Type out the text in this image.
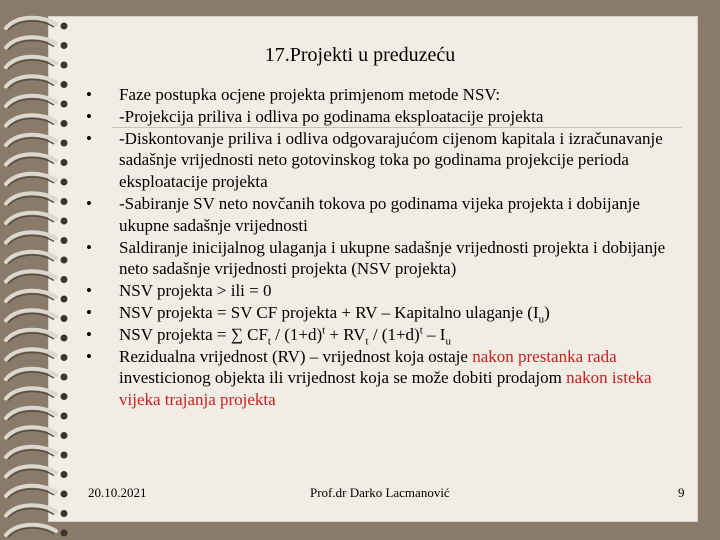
17.Projekti u preduzeću
• Faze postupka ocjene projekta primjenom metode NSV:
• -Projekcija priliva i odliva po godinama eksploatacije projekta
• -Diskontovanje priliva i odliva odgovarajućom cijenom kapitala i izračunavanje sadašnje vrijednosti neto gotovinskog toka po godinama projekcije perioda eksploatacije projekta
• -Sabiranje SV neto novčanih tokova po godinama vijeka projekta i dobijanje ukupne sadašnje vrijednosti
• Saldiranje inicijalnog ulaganja i ukupne sadašnje vrijednosti projekta i dobijanje neto sadašnje vrijednosti projekta (NSV projekta)
• NSV projekta > ili = 0
• NSV projekta = SV CF projekta + RV – Kapitalno ulaganje $(I_u)$
• NSV projekta = ∑ $CF_t / (1+d)^t + RV_t / (1+d)^t - I_u$
• Rezidualna vrijednost (RV) – vrijednost koja ostaje nakon prestanka rada investicionog objekta ili vrijednost koja se može dobiti prodajom nakon isteka vijeka trajanja projekta
20.10.2021	Prof.dr Darko Lacmanović	9
